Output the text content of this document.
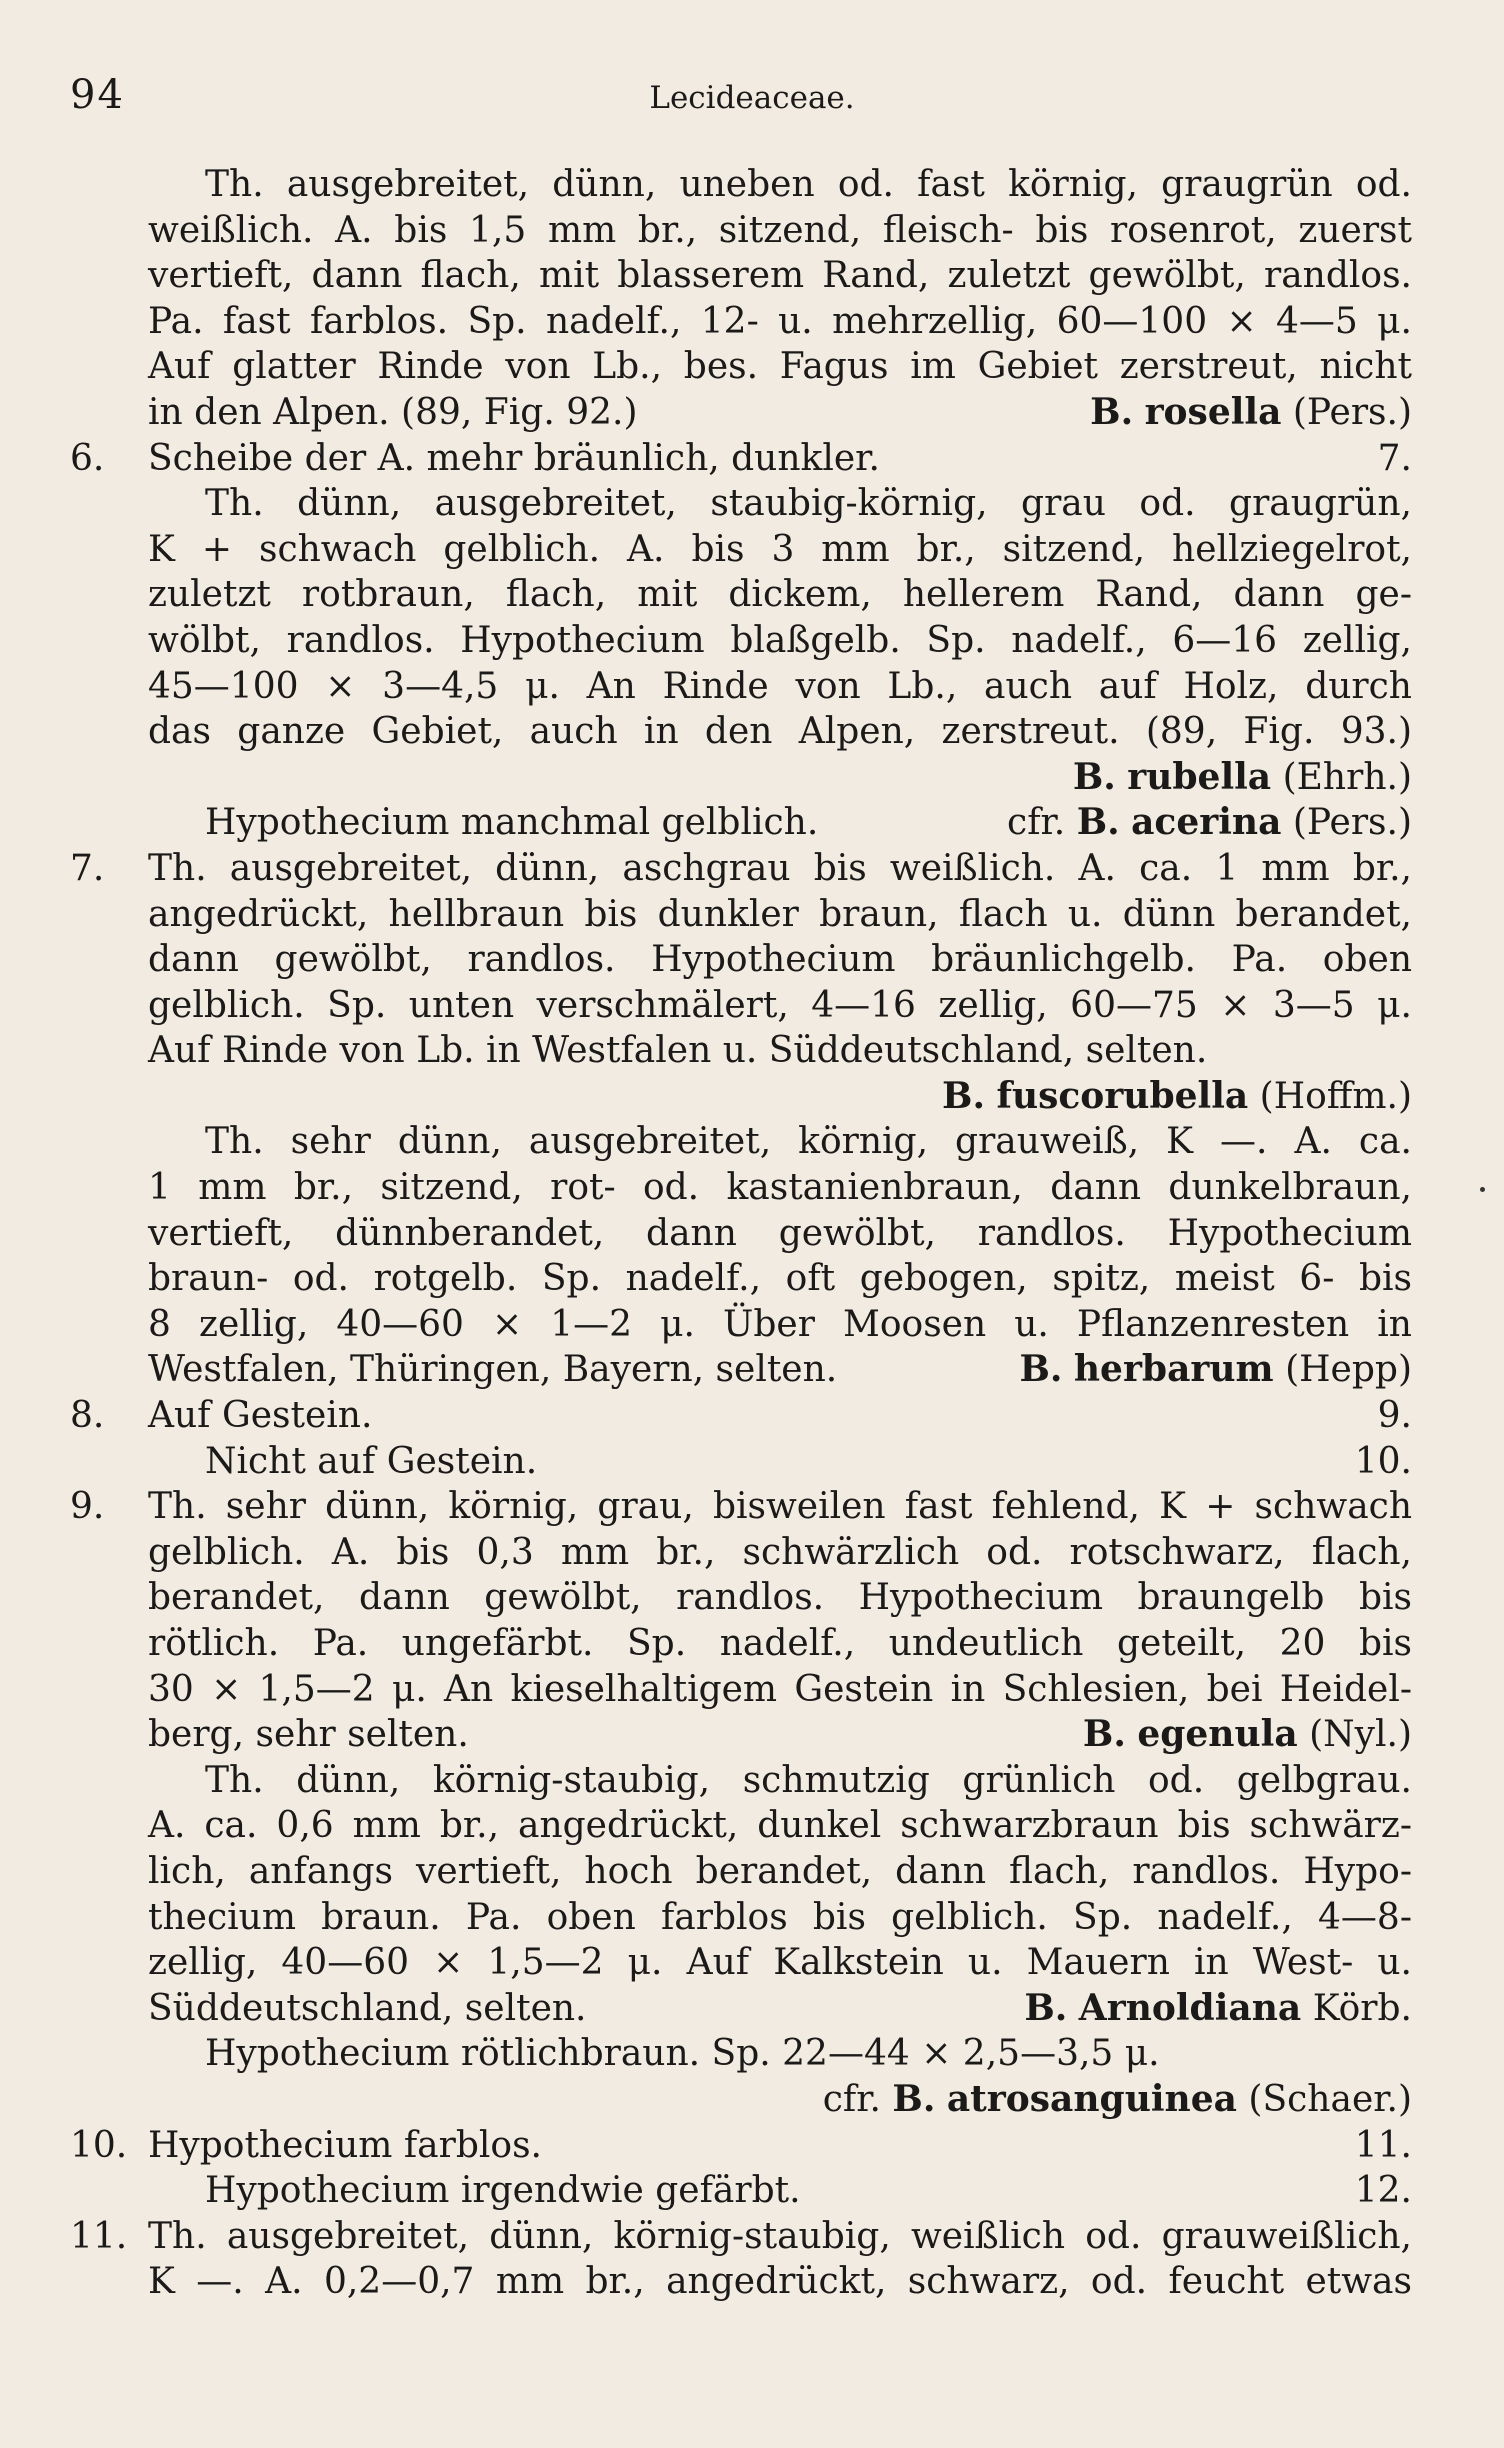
94	Lecideaceae.
Th. ausgebreitet, dünn, uneben od. fast körnig, graugrün od.
weißlich. A. bis 1,5 mm br., sitzend, fleisch- bis rosenrot, zuerst
vertieft, dann flach, mit blasserem Rand, zuletzt gewölbt, randlos.
Pa. fast farblos. Sp. nadelf., 12- u. mehrzellig, 60—100 × 4—5 μ.
Auf glatter Rinde von Lb., bes. Fagus im Gebiet zerstreut, nicht
in den Alpen. (89, Fig. 92.)	B. rosella (Pers.)
6. Scheibe der A. mehr bräunlich, dunkler.	7.
Th. dünn, ausgebreitet, staubig-körnig, grau od. graugrün,
K + schwach gelblich. A. bis 3 mm br., sitzend, hellziegelrot,
zuletzt rotbraun, flach, mit dickem, hellerem Rand, dann ge-
wölbt, randlos. Hypothecium blaßgelb. Sp. nadelf., 6—16 zellig,
45—100 × 3—4,5 μ. An Rinde von Lb., auch auf Holz, durch
das ganze Gebiet, auch in den Alpen, zerstreut. (89, Fig. 93.)
B. rubella (Ehrh.)
Hypothecium manchmal gelblich.	cfr. B. acerina (Pers.)
7. Th. ausgebreitet, dünn, aschgrau bis weißlich. A. ca. 1 mm br.,
angedrückt, hellbraun bis dunkler braun, flach u. dünn berandet,
dann gewölbt, randlos. Hypothecium bräunlichgelb. Pa. oben
gelblich. Sp. unten verschmälert, 4—16 zellig, 60—75 × 3—5 μ.
Auf Rinde von Lb. in Westfalen u. Süddeutschland, selten.
B. fuscorubella (Hoffm.)
Th. sehr dünn, ausgebreitet, körnig, grauweiß, K —. A. ca.
1 mm br., sitzend, rot- od. kastanienbraun, dann dunkelbraun,
vertieft, dünnberandet, dann gewölbt, randlos. Hypothecium
braun- od. rotgelb. Sp. nadelf., oft gebogen, spitz, meist 6- bis
8 zellig, 40—60 × 1—2 μ. Über Moosen u. Pflanzenresten in
Westfalen, Thüringen, Bayern, selten.	B. herbarum (Hepp)
8. Auf Gestein.	9.
Nicht auf Gestein.	10.
9. Th. sehr dünn, körnig, grau, bisweilen fast fehlend, K + schwach
gelblich. A. bis 0,3 mm br., schwärzlich od. rotschwarz, flach,
berandet, dann gewölbt, randlos. Hypothecium braungelb bis
rötlich. Pa. ungefärbt. Sp. nadelf., undeutlich geteilt, 20 bis
30 × 1,5—2 μ. An kieselhaltigem Gestein in Schlesien, bei Heidel-
berg, sehr selten.	B. egenula (Nyl.)
Th. dünn, körnig-staubig, schmutzig grünlich od. gelbgrau.
A. ca. 0,6 mm br., angedrückt, dunkel schwarzbraun bis schwärz-
lich, anfangs vertieft, hoch berandet, dann flach, randlos. Hypo-
thecium braun. Pa. oben farblos bis gelblich. Sp. nadelf., 4—8-
zellig, 40—60 × 1,5—2 μ. Auf Kalkstein u. Mauern in West- u.
Süddeutschland, selten.	B. Arnoldiana Körb.
Hypothecium rötlichbraun. Sp. 22—44 × 2,5—3,5 μ.
cfr. B. atrosanguinea (Schaer.)
10. Hypothecium farblos.	11.
Hypothecium irgendwie gefärbt.	12.
11. Th. ausgebreitet, dünn, körnig-staubig, weißlich od. grauweißlich,
K —. A. 0,2—0,7 mm br., angedrückt, schwarz, od. feucht etwas
